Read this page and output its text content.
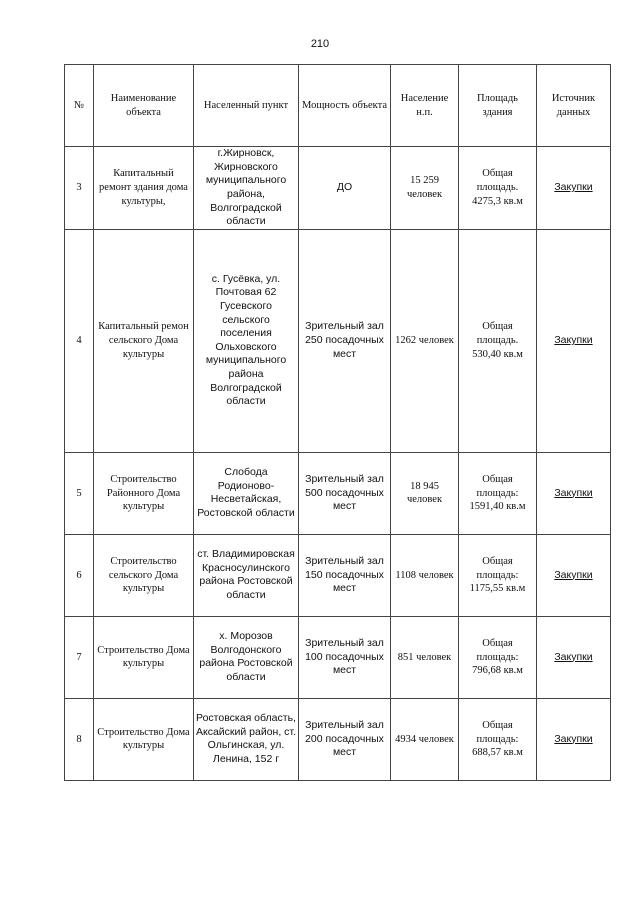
210
№	Наименование объекта	Населенный пункт	Мощность объекта	Население н.п.	Площадь здания	Источник данных
3	Капитальный ремонт здания дома культуры,	г.Жирновск, Жирновского муниципального района, Волгоградской области	ДО	15 259 человек	Общая площадь. 4275,3 кв.м	Закупки
4	Капитальный ремон сельского Дома культуры	с. Гусёвка, ул. Почтовая 62 Гусевского сельского поселения Ольховского муниципального района Волгоградской области	Зрительный зал 250 посадочных мест	1262 человек	Общая площадь. 530,40 кв.м	Закупки
5	Строительство Районного Дома культуры	Слобода Родионово-Несветайская, Ростовской области	Зрительный зал 500 посадочных мест	18 945 человек	Общая площадь: 1591,40 кв.м	Закупки
6	Строительство сельского Дома культуры	ст. Владимировская Красносулинского района Ростовской области	Зрительный зал 150 посадочных мест	1108 человек	Общая площадь: 1175,55 кв.м	Закупки
7	Строительство Дома культуры	х. Морозов Волгодонского района Ростовской области	Зрительный зал 100 посадочных мест	851 человек	Общая площадь: 796,68 кв.м	Закупки
8	Строительство Дома культуры	Ростовская область, Аксайский район, ст. Ольгинская, ул. Ленина, 152 г	Зрительный зал 200 посадочных мест	4934 человек	Общая площадь: 688,57 кв.м	Закупки
